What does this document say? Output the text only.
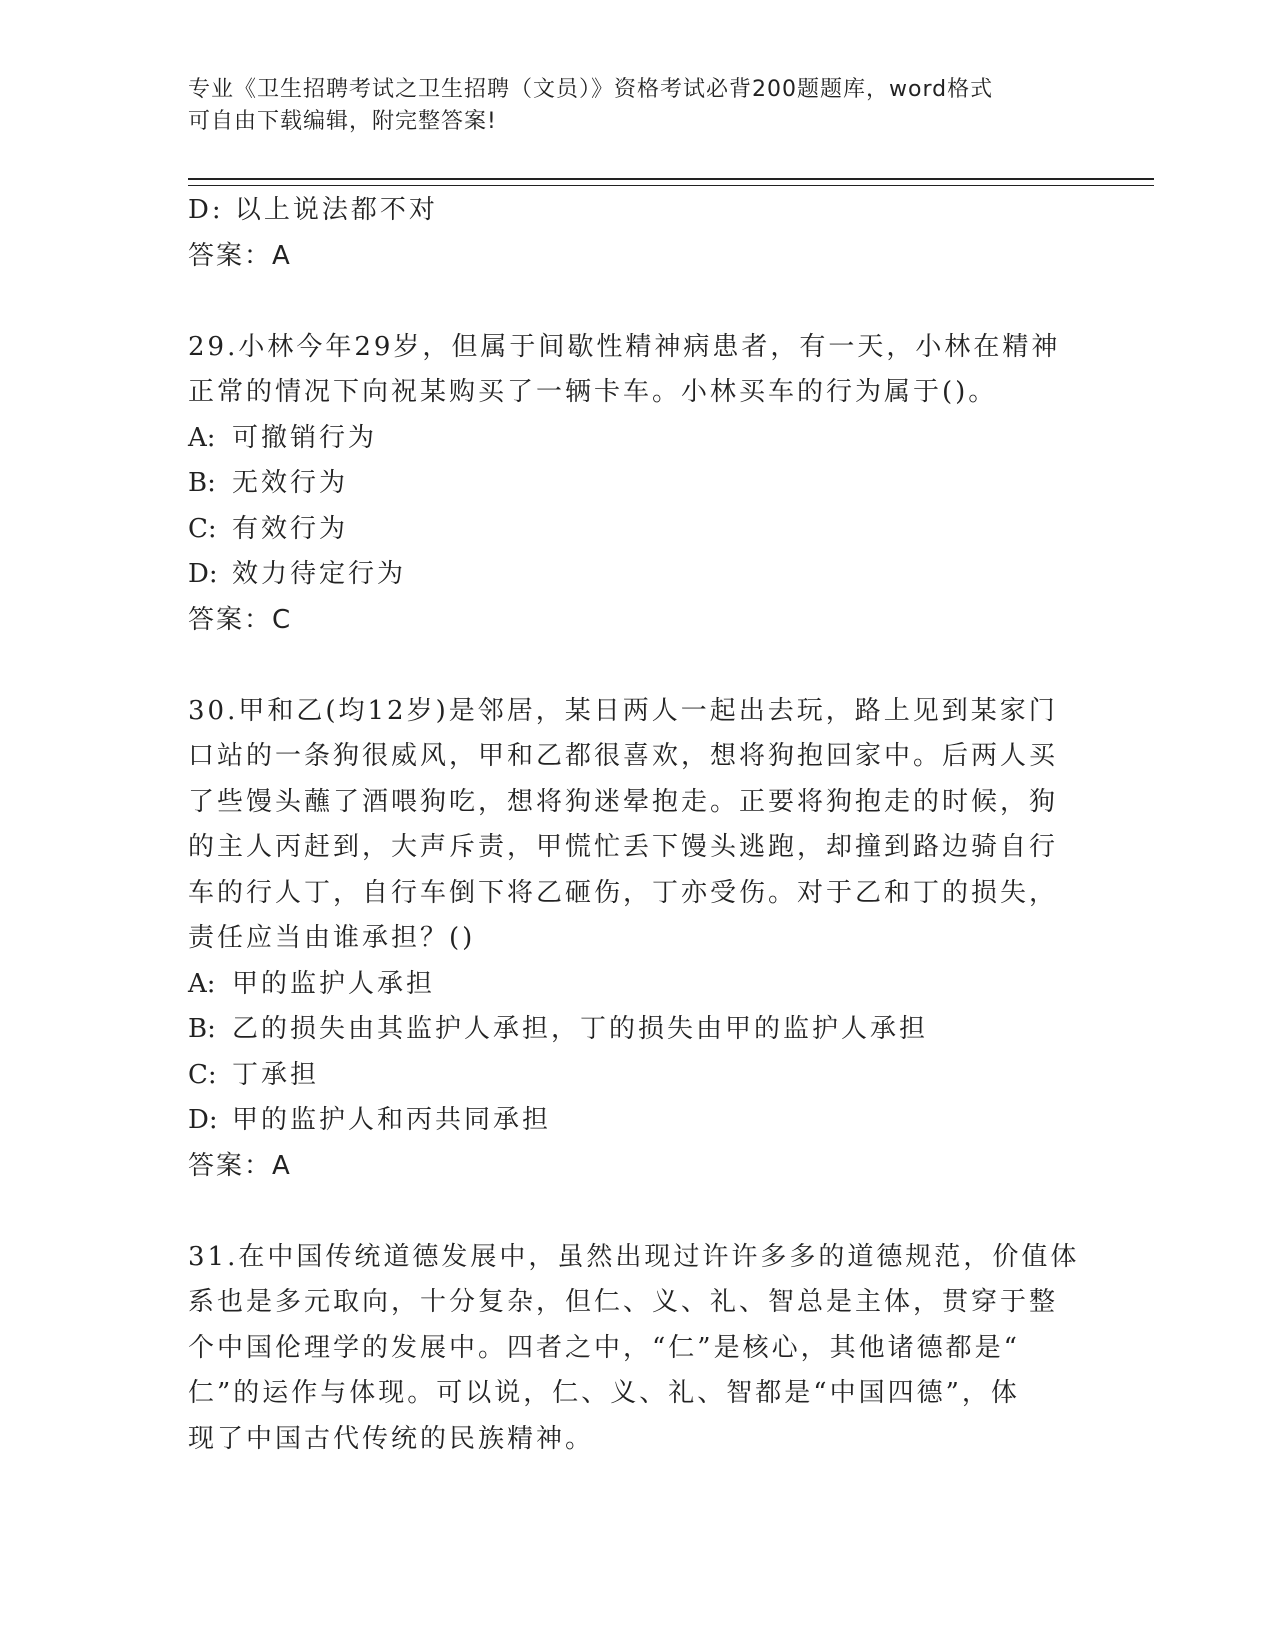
专业《卫生招聘考试之卫生招聘（文员）》资格考试必背200题题库，word格式
可自由下载编辑，附完整答案!
D: 以上说法都不对
答案：A
29.小林今年29岁，但属于间歇性精神病患者，有一天，小林在精神
正常的情况下向祝某购买了一辆卡车。小林买车的行为属于()。
A: 可撤销行为
B: 无效行为
C: 有效行为
D: 效力待定行为
答案：C
30.甲和乙(均12岁)是邻居，某日两人一起出去玩，路上见到某家门
口站的一条狗很威风，甲和乙都很喜欢，想将狗抱回家中。后两人买
了些馒头蘸了酒喂狗吃，想将狗迷晕抱走。正要将狗抱走的时候，狗
的主人丙赶到，大声斥责，甲慌忙丢下馒头逃跑，却撞到路边骑自行
车的行人丁，自行车倒下将乙砸伤，丁亦受伤。对于乙和丁的损失，
责任应当由谁承担？()
A: 甲的监护人承担
B: 乙的损失由其监护人承担，丁的损失由甲的监护人承担
C: 丁承担
D: 甲的监护人和丙共同承担
答案：A
31.在中国传统道德发展中，虽然出现过许许多多的道德规范，价值体
系也是多元取向，十分复杂，但仁、义、礼、智总是主体，贯穿于整
个中国伦理学的发展中。四者之中，“仁”是核心，其他诸德都是“
仁”的运作与体现。可以说，仁、义、礼、智都是“中国四德”，体
现了中国古代传统的民族精神。
